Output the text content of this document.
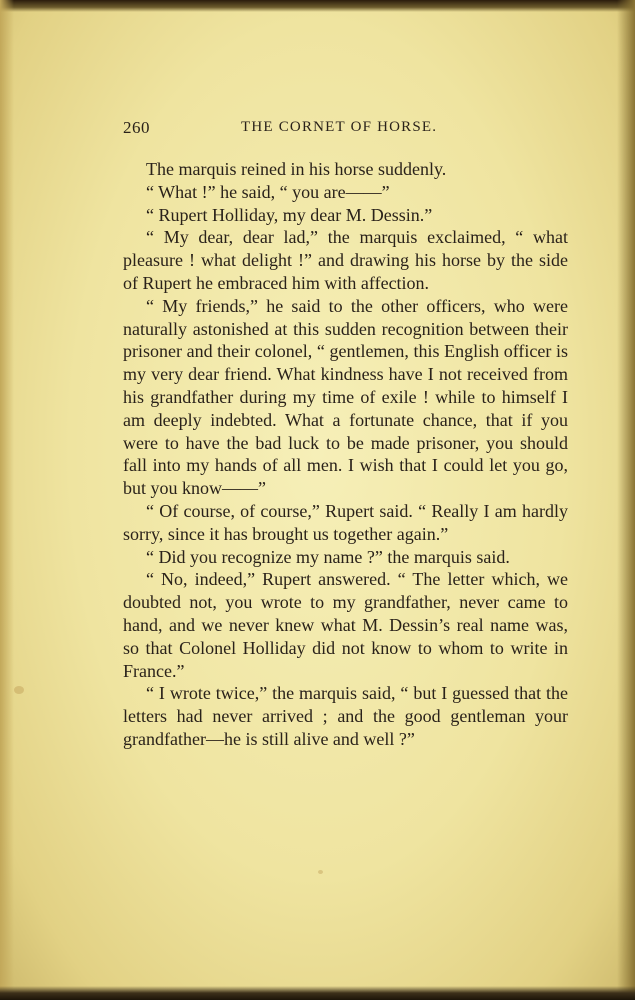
260	THE CORNET OF HORSE.

The marquis reined in his horse suddenly.

“ What !” he said, “ you are——”

“ Rupert Holliday, my dear M. Dessin.”

“ My dear, dear lad,” the marquis exclaimed, “ what pleasure ! what delight !” and drawing his horse by the side of Rupert he embraced him with affection.

“ My friends,” he said to the other officers, who were naturally astonished at this sudden recognition between their prisoner and their colonel, “ gentlemen, this English officer is my very dear friend. What kindness have I not received from his grandfather during my time of exile ! while to himself I am deeply indebted. What a fortunate chance, that if you were to have the bad luck to be made prisoner, you should fall into my hands of all men. I wish that I could let you go, but you know——”

“ Of course, of course,” Rupert said. “ Really I am hardly sorry, since it has brought us together again.”

“ Did you recognize my name ?” the marquis said.

“ No, indeed,” Rupert answered. “ The letter which, we doubted not, you wrote to my grandfather, never came to hand, and we never knew what M. Dessin’s real name was, so that Colonel Holliday did not know to whom to write in France.”

“ I wrote twice,” the marquis said, “ but I guessed that the letters had never arrived ; and the good gentleman your grandfather—he is still alive and well ?”
